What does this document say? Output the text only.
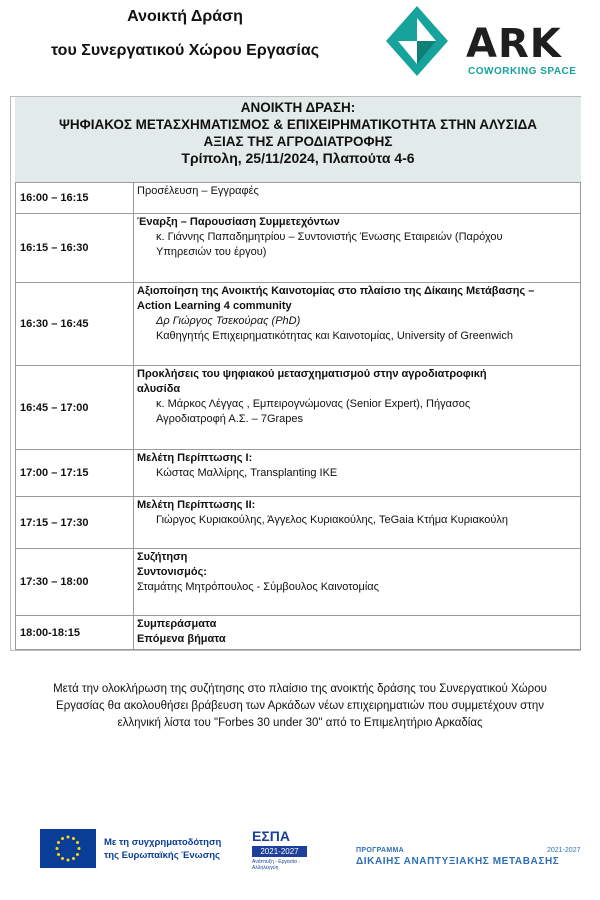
Ανοικτή Δράση
του Συνεργατικού Χώρου Εργασίας	ARK
COWORKING SPACE
ΑΝΟΙΚΤΗ ΔΡΑΣΗ:
ΨΗΦΙΑΚΟΣ ΜΕΤΑΣΧΗΜΑΤΙΣΜΟΣ & ΕΠΙΧΕΙΡΗΜΑΤΙΚΟΤΗΤΑ ΣΤΗΝ ΑΛΥΣΙΔΑ
ΑΞΙΑΣ ΤΗΣ ΑΓΡΟΔΙΑΤΡΟΦΗΣ
Τρίπολη, 25/11/2024, Πλαπούτα 4-6
16:00 – 16:15	Προσέλευση – Εγγραφές

16:15 – 16:30	Έναρξη – Παρουσίαση Συμμετεχόντων
κ. Γιάννης Παπαδημητρίου – Συντονιστής Ένωσης Εταιρειών (Παρόχου
Υπηρεσιών του έργου)

16:30 – 16:45	Αξιοποίηση της Ανοικτής Καινοτομίας στο πλαίσιο της Δίκαιης Μετάβασης –
Action Learning 4 community
Δρ Γιώργος Τσεκούρας (PhD)
Καθηγητής Επιχειρηματικότητας και Καινοτομίας, University of Greenwich

16:45 – 17:00	Προκλήσεις του ψηφιακού μετασχηματισμού στην αγροδιατροφική
αλυσίδα
κ. Μάρκος Λέγγας , Εμπειρογνώμονας (Senior Expert), Πήγασος
Αγροδιατροφή Α.Σ. – 7Grapes

17:00 – 17:15	Μελέτη Περίπτωσης Ι:
Κώστας Μαλλίρης, Transplanting IKE

17:15 – 17:30	Μελέτη Περίπτωσης ΙΙ:
Γιώργος Κυριακούλης, Άγγελος Κυριακούλης, TeGaia Κτήμα Κυριακούλη

17:30 – 18:00	Συζήτηση
Συντονισμός:
Σταμάτης Μητρόπουλος - Σύμβουλος Καινοτομίας

18:00-18:15	Συμπεράσματα
Επόμενα βήματα
Μετά την ολοκλήρωση της συζήτησης στο πλαίσιο της ανοικτής δράσης του Συνεργατικού Χώρου
Εργασίας θα ακολουθήσει βράβευση των Αρκάδων νέων επιχειρηματιών που συμμετέχουν στην
ελληνική λίστα του "Forbes 30 under 30" από το Επιμελητήριο Αρκαδίας
Με τη συγχρηματοδότηση
της Ευρωπαϊκής Ένωσης
ΕΣΠΑ
2021-2027
Ανάπτυξη - Εργασία - Αλληλεγγύη
ΠΡΟΓΡΑΜΜΑ	2021-2027
ΔΙΚΑΙΗΣ ΑΝΑΠΤΥΞΙΑΚΗΣ ΜΕΤΑΒΑΣΗΣ
